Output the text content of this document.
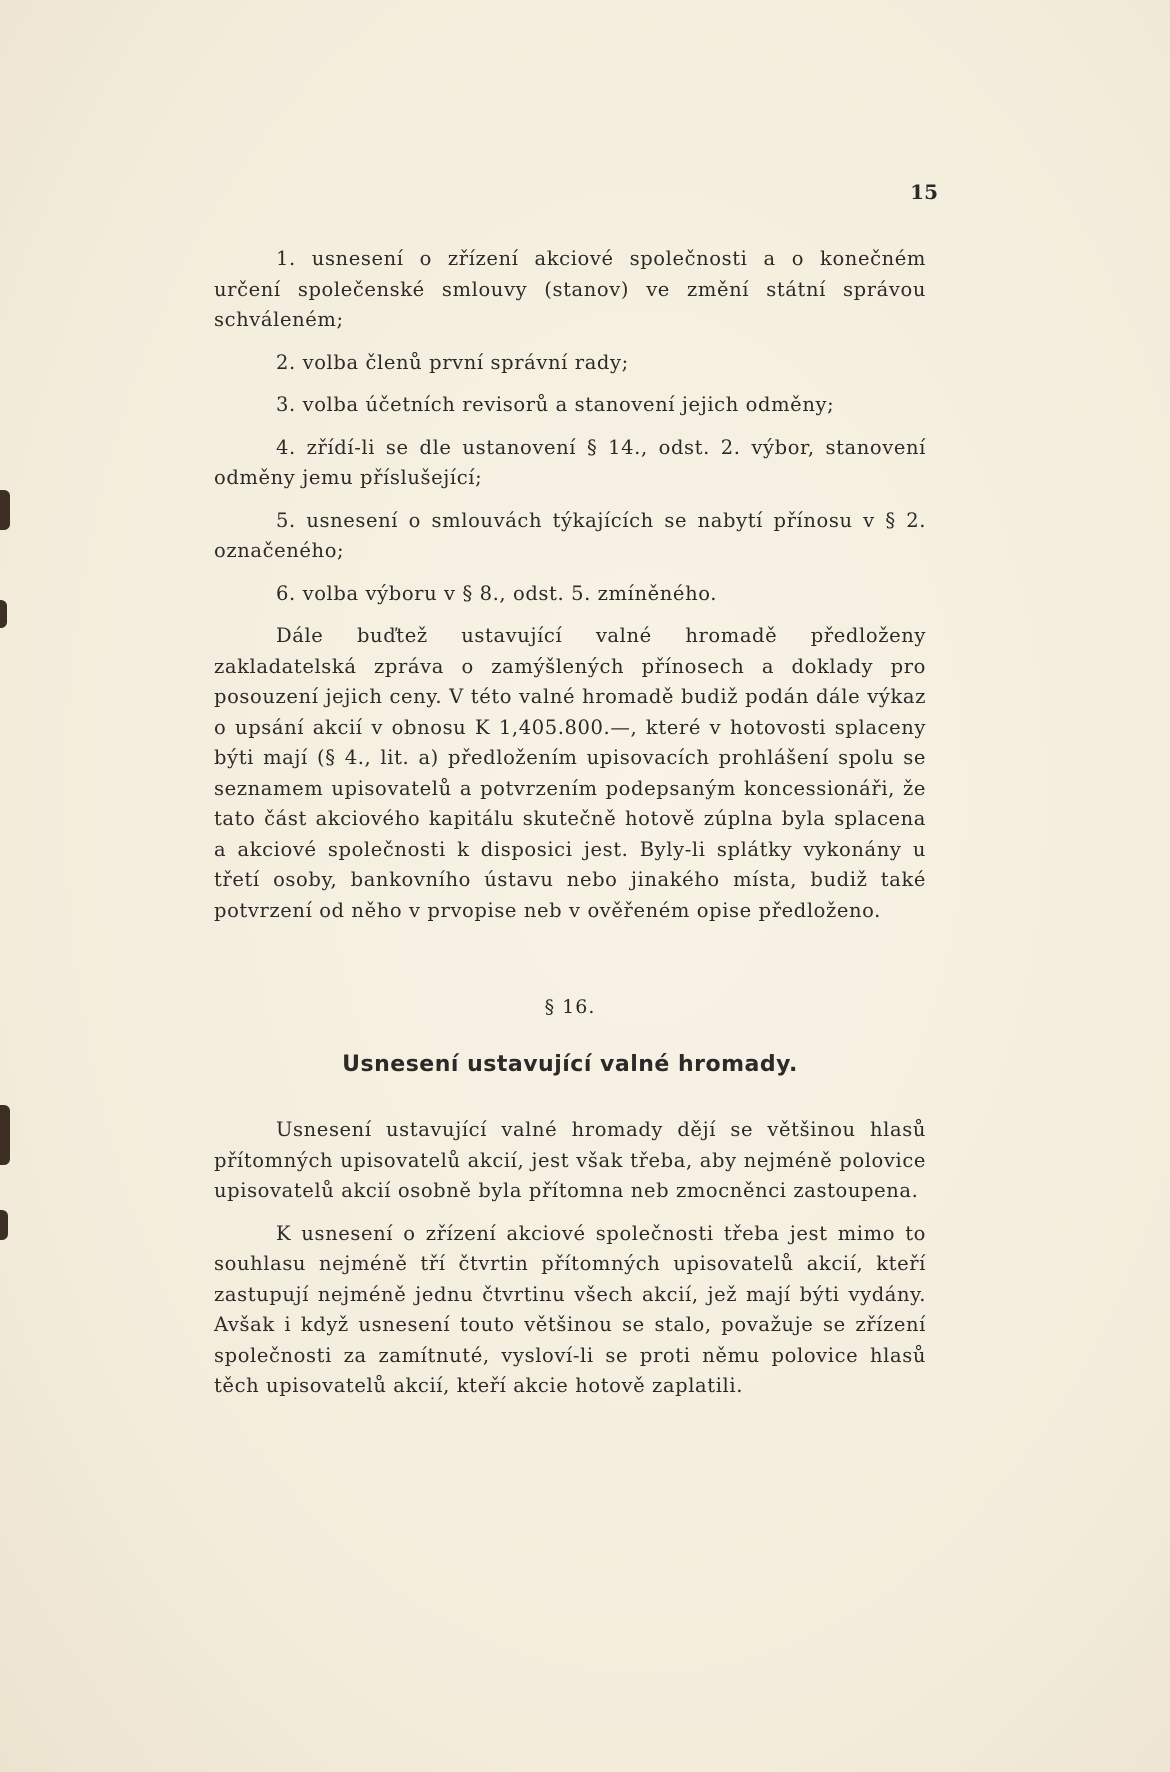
15

1. usnesení o zřízení akciové společnosti a o konečném určení společenské smlouvy (stanov) ve změní státní správou schváleném;

2. volba členů první správní rady;

3. volba účetních revisorů a stanovení jejich odměny;

4. zřídí-li se dle ustanovení § 14., odst. 2. výbor, stanovení odměny jemu příslušející;

5. usnesení o smlouvách týkajících se nabytí přínosu v § 2. označeného;

6. volba výboru v § 8., odst. 5. zmíněného.

Dále buďtež ustavující valné hromadě předloženy zakladatelská zpráva o zamýšlených přínosech a doklady pro posouzení jejich ceny. V této valné hromadě budiž podán dále výkaz o upsání akcií v obnosu K 1,405.800.—, které v hotovosti splaceny býti mají (§ 4., lit. a) předložením upisovacích prohlášení spolu se seznamem upisovatelů a potvrzením podepsaným koncessionáři, že tato část akciového kapitálu skutečně hotově zúplna byla splacena a akciové společnosti k disposici jest. Byly-li splátky vykonány u třetí osoby, bankovního ústavu nebo jinakého místa, budiž také potvrzení od něho v prvopise neb v ověřeném opise předloženo.

§ 16.
Usnesení ustavující valné hromady.

Usnesení ustavující valné hromady dějí se většinou hlasů přítomných upisovatelů akcií, jest však třeba, aby nejméně polovice upisovatelů akcií osobně byla přítomna neb zmocněnci zastoupena.

K usnesení o zřízení akciové společnosti třeba jest mimo to souhlasu nejméně tří čtvrtin přítomných upisovatelů akcií, kteří zastupují nejméně jednu čtvrtinu všech akcií, jež mají býti vydány. Avšak i když usnesení touto většinou se stalo, považuje se zřízení společnosti za zamítnuté, vysloví-li se proti němu polovice hlasů těch upisovatelů akcií, kteří akcie hotově zaplatili.
